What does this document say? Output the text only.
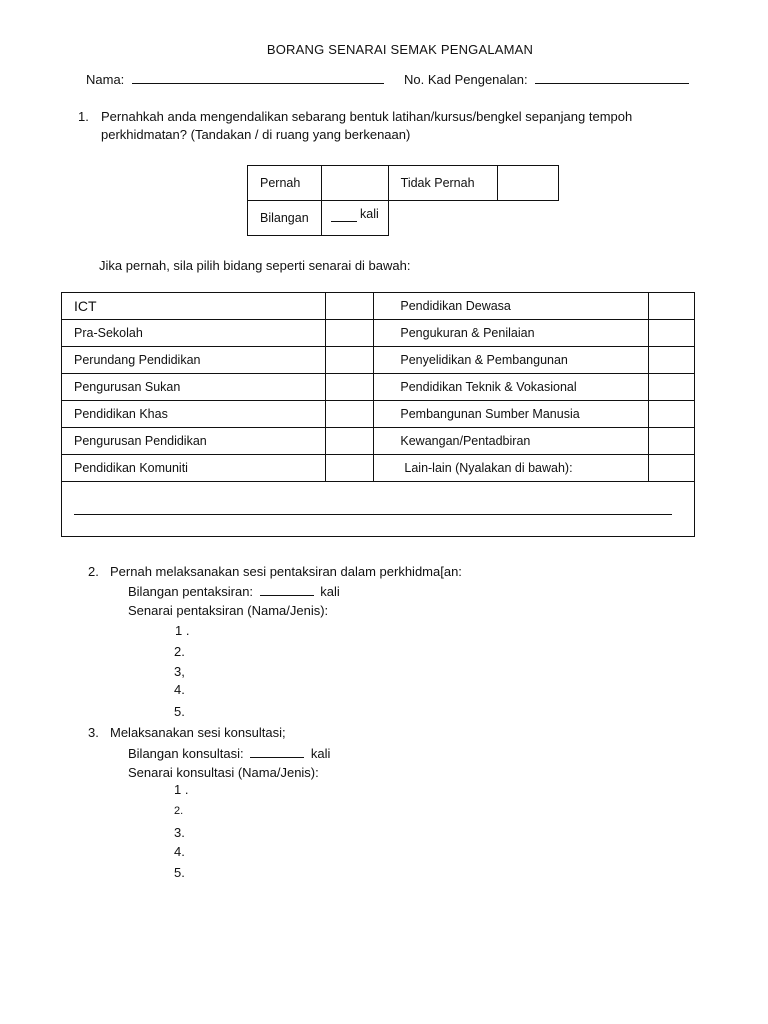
BORANG SENARAI SEMAK PENGALAMAN
Nama:	No. Kad Pengenalan:
1. Pernahkah anda mengendalikan sebarang bentuk latihan/kursus/bengkel sepanjang tempoh
perkhidmatan? (Tandakan / di ruang yang berkenaan)
Pernah		Tidak Pernah	
Bilangan	kali		
Jika pernah, sila pilih bidang seperti senarai di bawah:
ICT		Pendidikan Dewasa	
Pra-Sekolah		Pengukuran & Penilaian	
Perundang Pendidikan		Penyelidikan & Pembangunan	
Pengurusan Sukan		Pendidikan Teknik & Vokasional	
Pendidikan Khas		Pembangunan Sumber Manusia	
Pengurusan Pendidikan		Kewangan/Pentadbiran	
Pendidikan Komuniti		Lain-lain (Nyalakan di bawah):	

2. Pernah melaksanakan sesi pentaksiran dalam perkhidma[an:
Bilangan pentaksiran:	kali
Senarai pentaksiran (Nama/Jenis):
1 .
2.
3,
4.
5.
3. Melaksanakan sesi konsultasi;
Bilangan konsultasi:	kali
Senarai konsultasi (Nama/Jenis):
1 .
2.
3.
4.
5.
